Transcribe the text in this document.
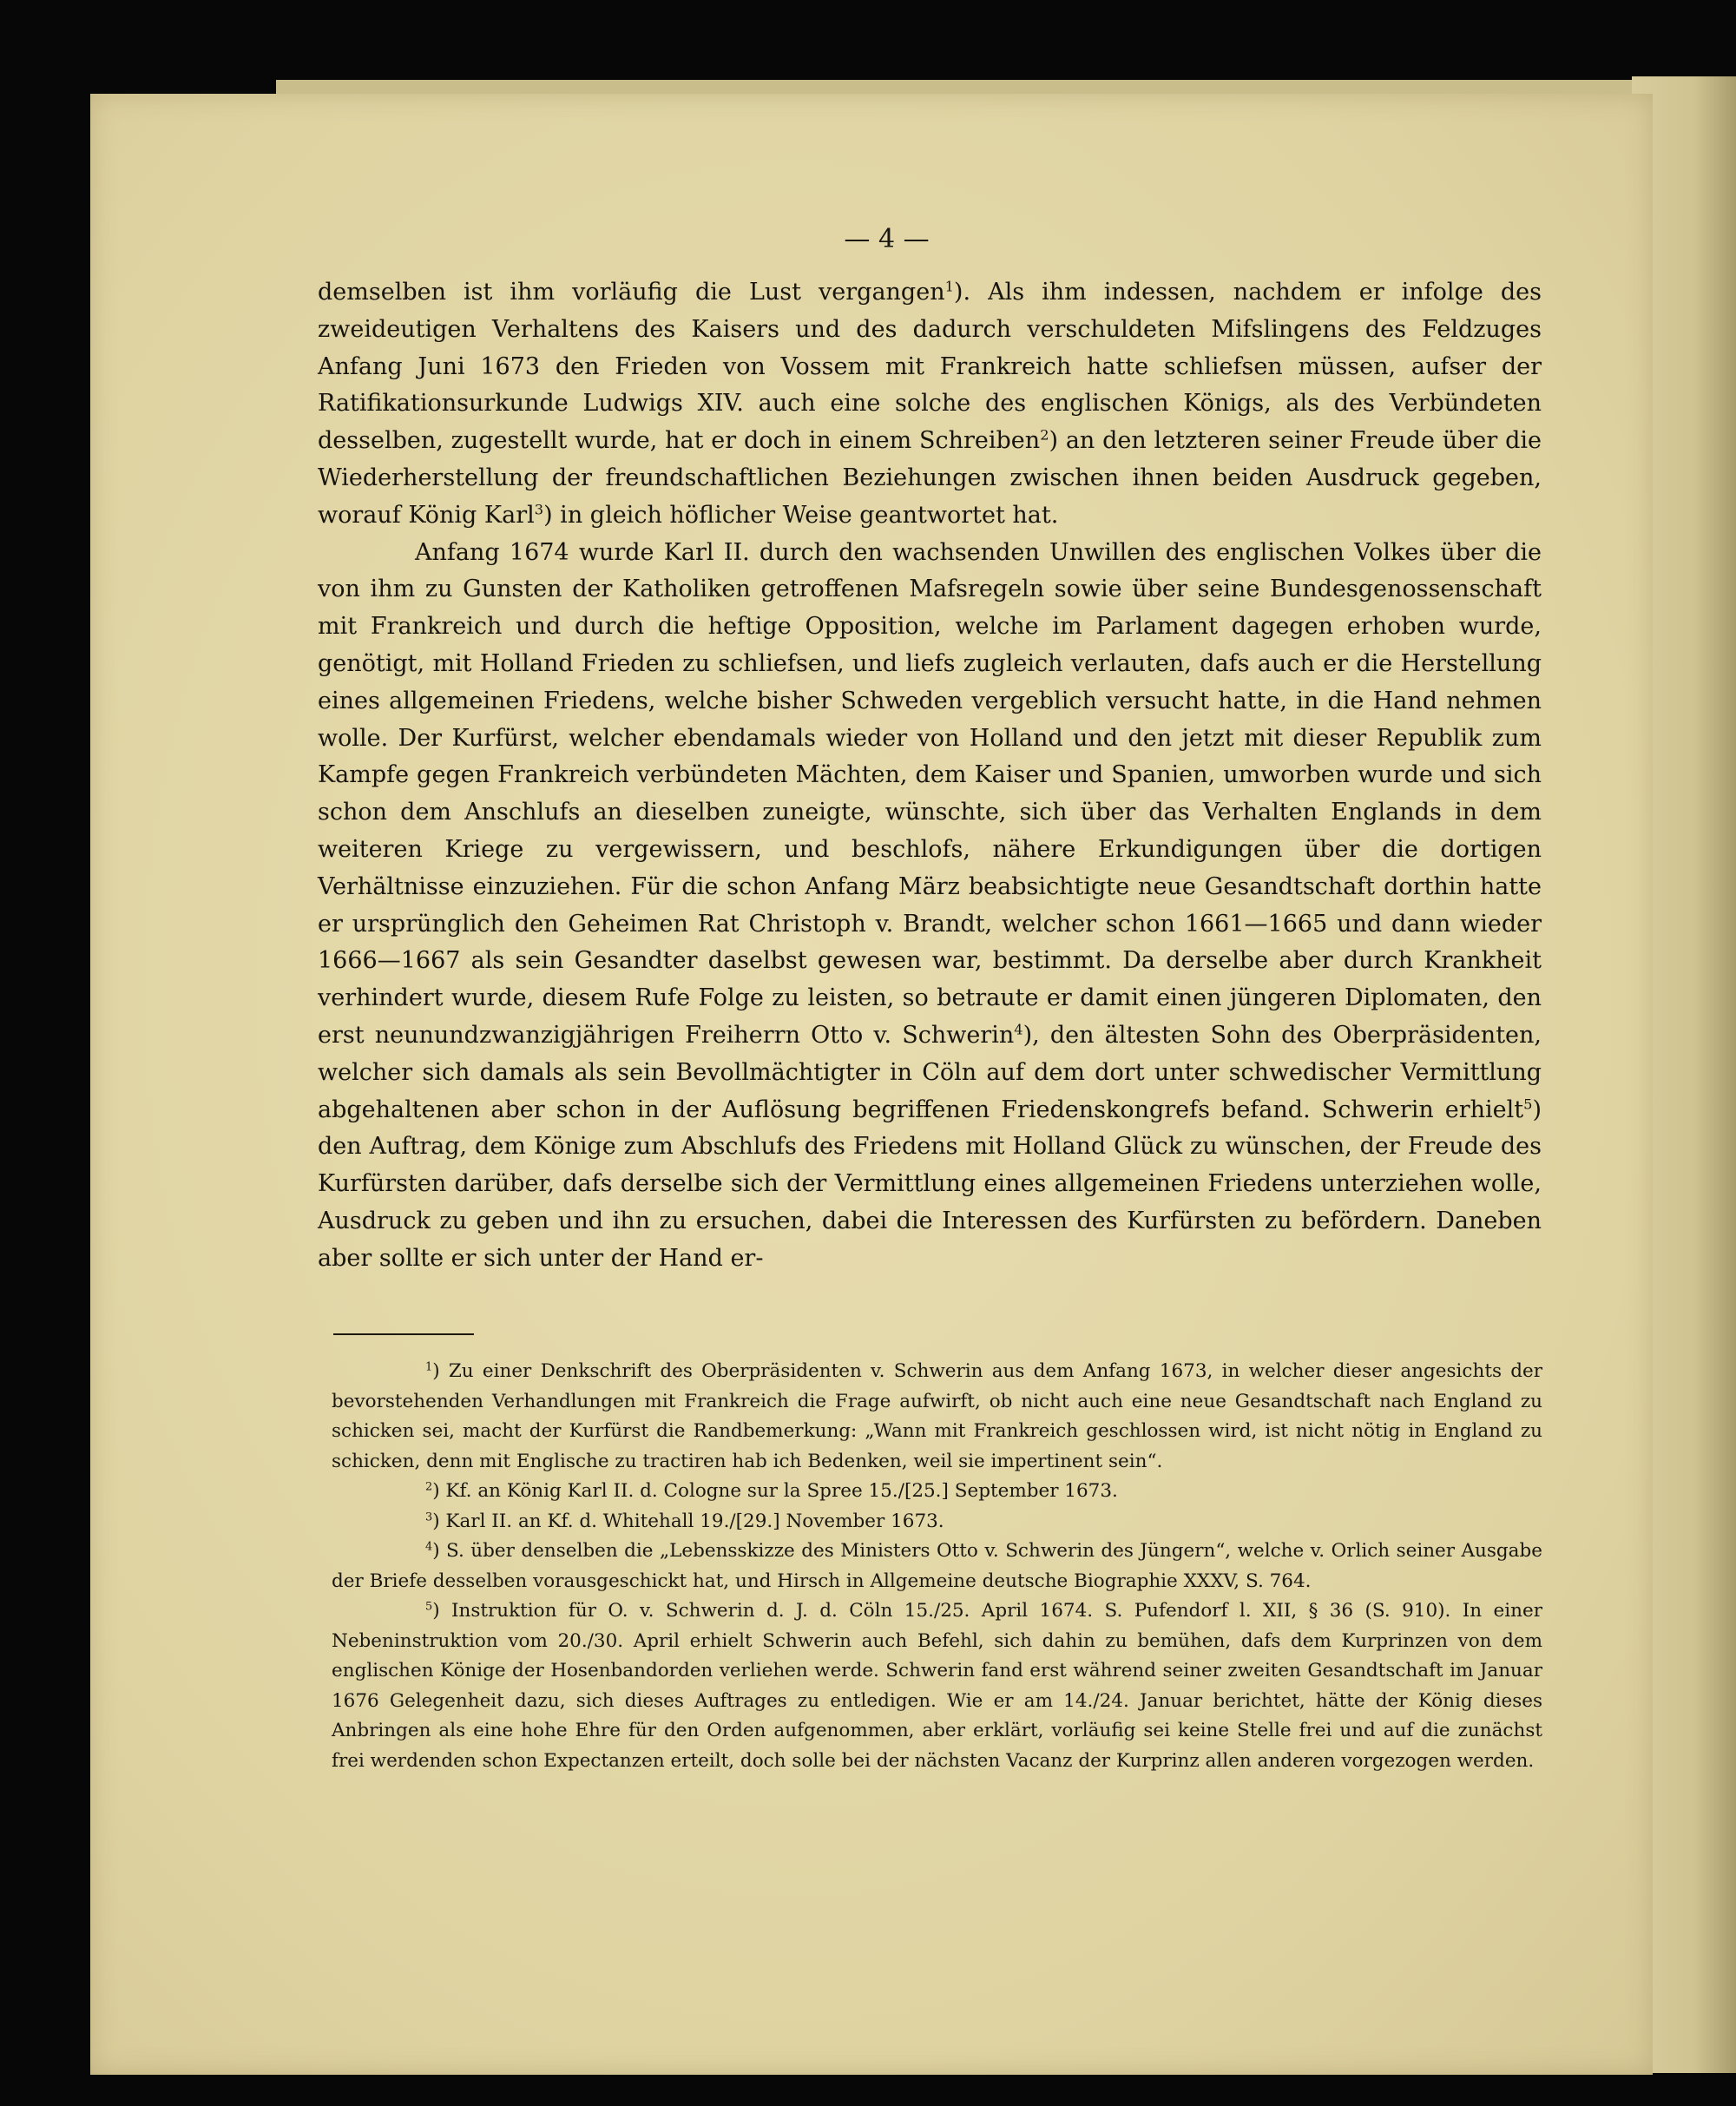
— 4 —

demselben ist ihm vorläufig die Lust vergangen$^1$). Als ihm indessen, nachdem er infolge des zweideutigen Verhaltens des Kaisers und des dadurch verschuldeten Mifslingens des Feldzuges Anfang Juni 1673 den Frieden von Vossem mit Frankreich hatte schliefsen müssen, aufser der Ratifikationsurkunde Ludwigs XIV. auch eine solche des englischen Königs, als des Verbündeten desselben, zugestellt wurde, hat er doch in einem Schreiben$^2$) an den letzteren seiner Freude über die Wiederherstellung der freundschaftlichen Beziehungen zwischen ihnen beiden Ausdruck gegeben, worauf König Karl$^3$) in gleich höflicher Weise geantwortet hat.

Anfang 1674 wurde Karl II. durch den wachsenden Unwillen des englischen Volkes über die von ihm zu Gunsten der Katholiken getroffenen Mafsregeln sowie über seine Bundesgenossenschaft mit Frankreich und durch die heftige Opposition, welche im Parlament dagegen erhoben wurde, genötigt, mit Holland Frieden zu schliefsen, und liefs zugleich verlauten, dafs auch er die Herstellung eines allgemeinen Friedens, welche bisher Schweden vergeblich versucht hatte, in die Hand nehmen wolle. Der Kurfürst, welcher ebendamals wieder von Holland und den jetzt mit dieser Republik zum Kampfe gegen Frankreich verbündeten Mächten, dem Kaiser und Spanien, umworben wurde und sich schon dem Anschlufs an dieselben zuneigte, wünschte, sich über das Verhalten Englands in dem weiteren Kriege zu vergewissern, und beschlofs, nähere Erkundigungen über die dortigen Verhältnisse einzuziehen. Für die schon Anfang März beabsichtigte neue Gesandtschaft dorthin hatte er ursprünglich den Geheimen Rat Christoph v. Brandt, welcher schon 1661—1665 und dann wieder 1666—1667 als sein Gesandter daselbst gewesen war, bestimmt. Da derselbe aber durch Krankheit verhindert wurde, diesem Rufe Folge zu leisten, so betraute er damit einen jüngeren Diplomaten, den erst neunundzwanzigjährigen Freiherrn Otto v. Schwerin$^4$), den ältesten Sohn des Oberpräsidenten, welcher sich damals als sein Bevollmächtigter in Cöln auf dem dort unter schwedischer Vermittlung abgehaltenen aber schon in der Auflösung begriffenen Friedenskongrefs befand. Schwerin erhielt$^5$) den Auftrag, dem Könige zum Abschlufs des Friedens mit Holland Glück zu wünschen, der Freude des Kurfürsten darüber, dafs derselbe sich der Vermittlung eines allgemeinen Friedens unterziehen wolle, Ausdruck zu geben und ihn zu ersuchen, dabei die Interessen des Kurfürsten zu befördern. Daneben aber sollte er sich unter der Hand er-

$^1$) Zu einer Denkschrift des Oberpräsidenten v. Schwerin aus dem Anfang 1673, in welcher dieser angesichts der bevorstehenden Verhandlungen mit Frankreich die Frage aufwirft, ob nicht auch eine neue Gesandtschaft nach England zu schicken sei, macht der Kurfürst die Randbemerkung: „Wann mit Frankreich geschlossen wird, ist nicht nötig in England zu schicken, denn mit Englische zu tractiren hab ich Bedenken, weil sie impertinent sein“.

$^2$) Kf. an König Karl II. d. Cologne sur la Spree 15./[25.] September 1673.

$^3$) Karl II. an Kf. d. Whitehall 19./[29.] November 1673.

$^4$) S. über denselben die „Lebensskizze des Ministers Otto v. Schwerin des Jüngern“, welche v. Orlich seiner Ausgabe der Briefe desselben vorausgeschickt hat, und Hirsch in Allgemeine deutsche Biographie XXXV, S. 764.

$^5$) Instruktion für O. v. Schwerin d. J. d. Cöln 15./25. April 1674. S. Pufendorf l. XII, § 36 (S. 910). In einer Nebeninstruktion vom 20./30. April erhielt Schwerin auch Befehl, sich dahin zu bemühen, dafs dem Kurprinzen von dem englischen Könige der Hosenbandorden verliehen werde. Schwerin fand erst während seiner zweiten Gesandtschaft im Januar 1676 Gelegenheit dazu, sich dieses Auftrages zu entledigen. Wie er am 14./24. Januar berichtet, hätte der König dieses Anbringen als eine hohe Ehre für den Orden aufgenommen, aber erklärt, vorläufig sei keine Stelle frei und auf die zunächst frei werdenden schon Expectanzen erteilt, doch solle bei der nächsten Vacanz der Kurprinz allen anderen vorgezogen werden.
